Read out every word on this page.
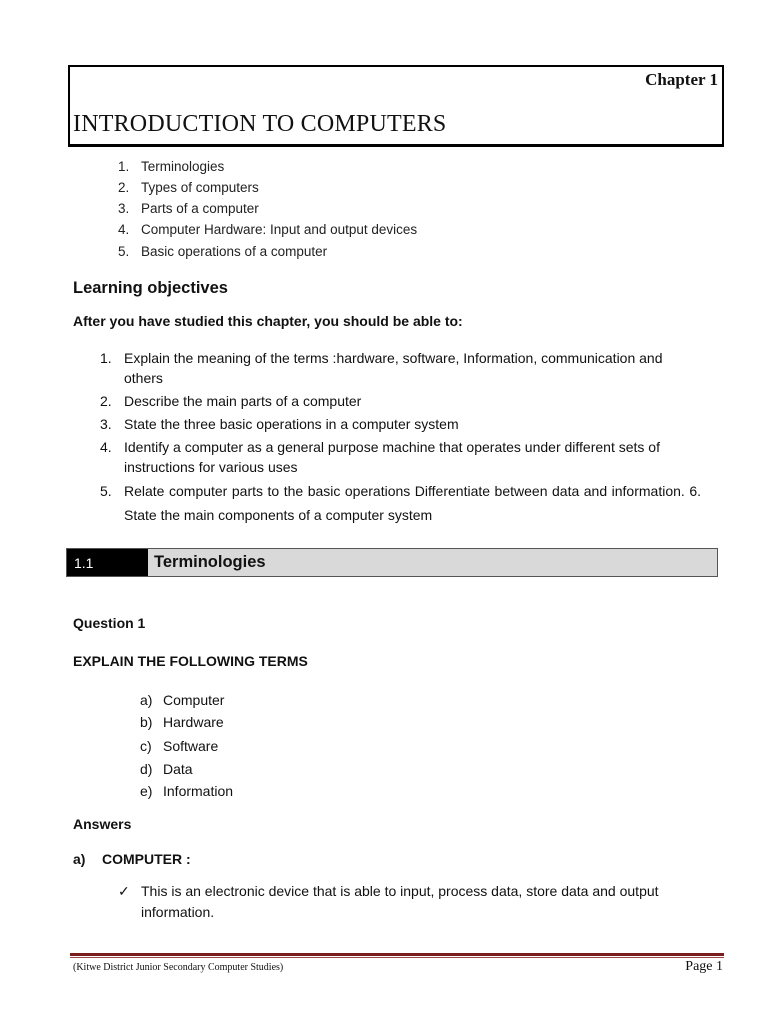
Chapter 1
INTRODUCTION TO COMPUTERS
1. Terminologies
2. Types of computers
3. Parts of a computer
4. Computer Hardware: Input and output devices
5. Basic operations of a computer
Learning objectives
After you have studied this chapter, you should be able to:
1. Explain the meaning of the terms :hardware, software, Information, communication and others
2. Describe the main parts of a computer
3. State the three basic operations in a computer system
4. Identify a computer as a general purpose machine that operates under different sets of instructions for various uses
5. Relate computer parts to the basic operations Differentiate between data and information. 6. State the main components of a computer system
1.1	Terminologies
Question 1
EXPLAIN THE FOLLOWING TERMS
a) Computer
b) Hardware
c) Software
d) Data
e) Information
Answers
a) COMPUTER :
✓ This is an electronic device that is able to input, process data, store data and output information.
(Kitwe District Junior Secondary Computer Studies)	Page 1
